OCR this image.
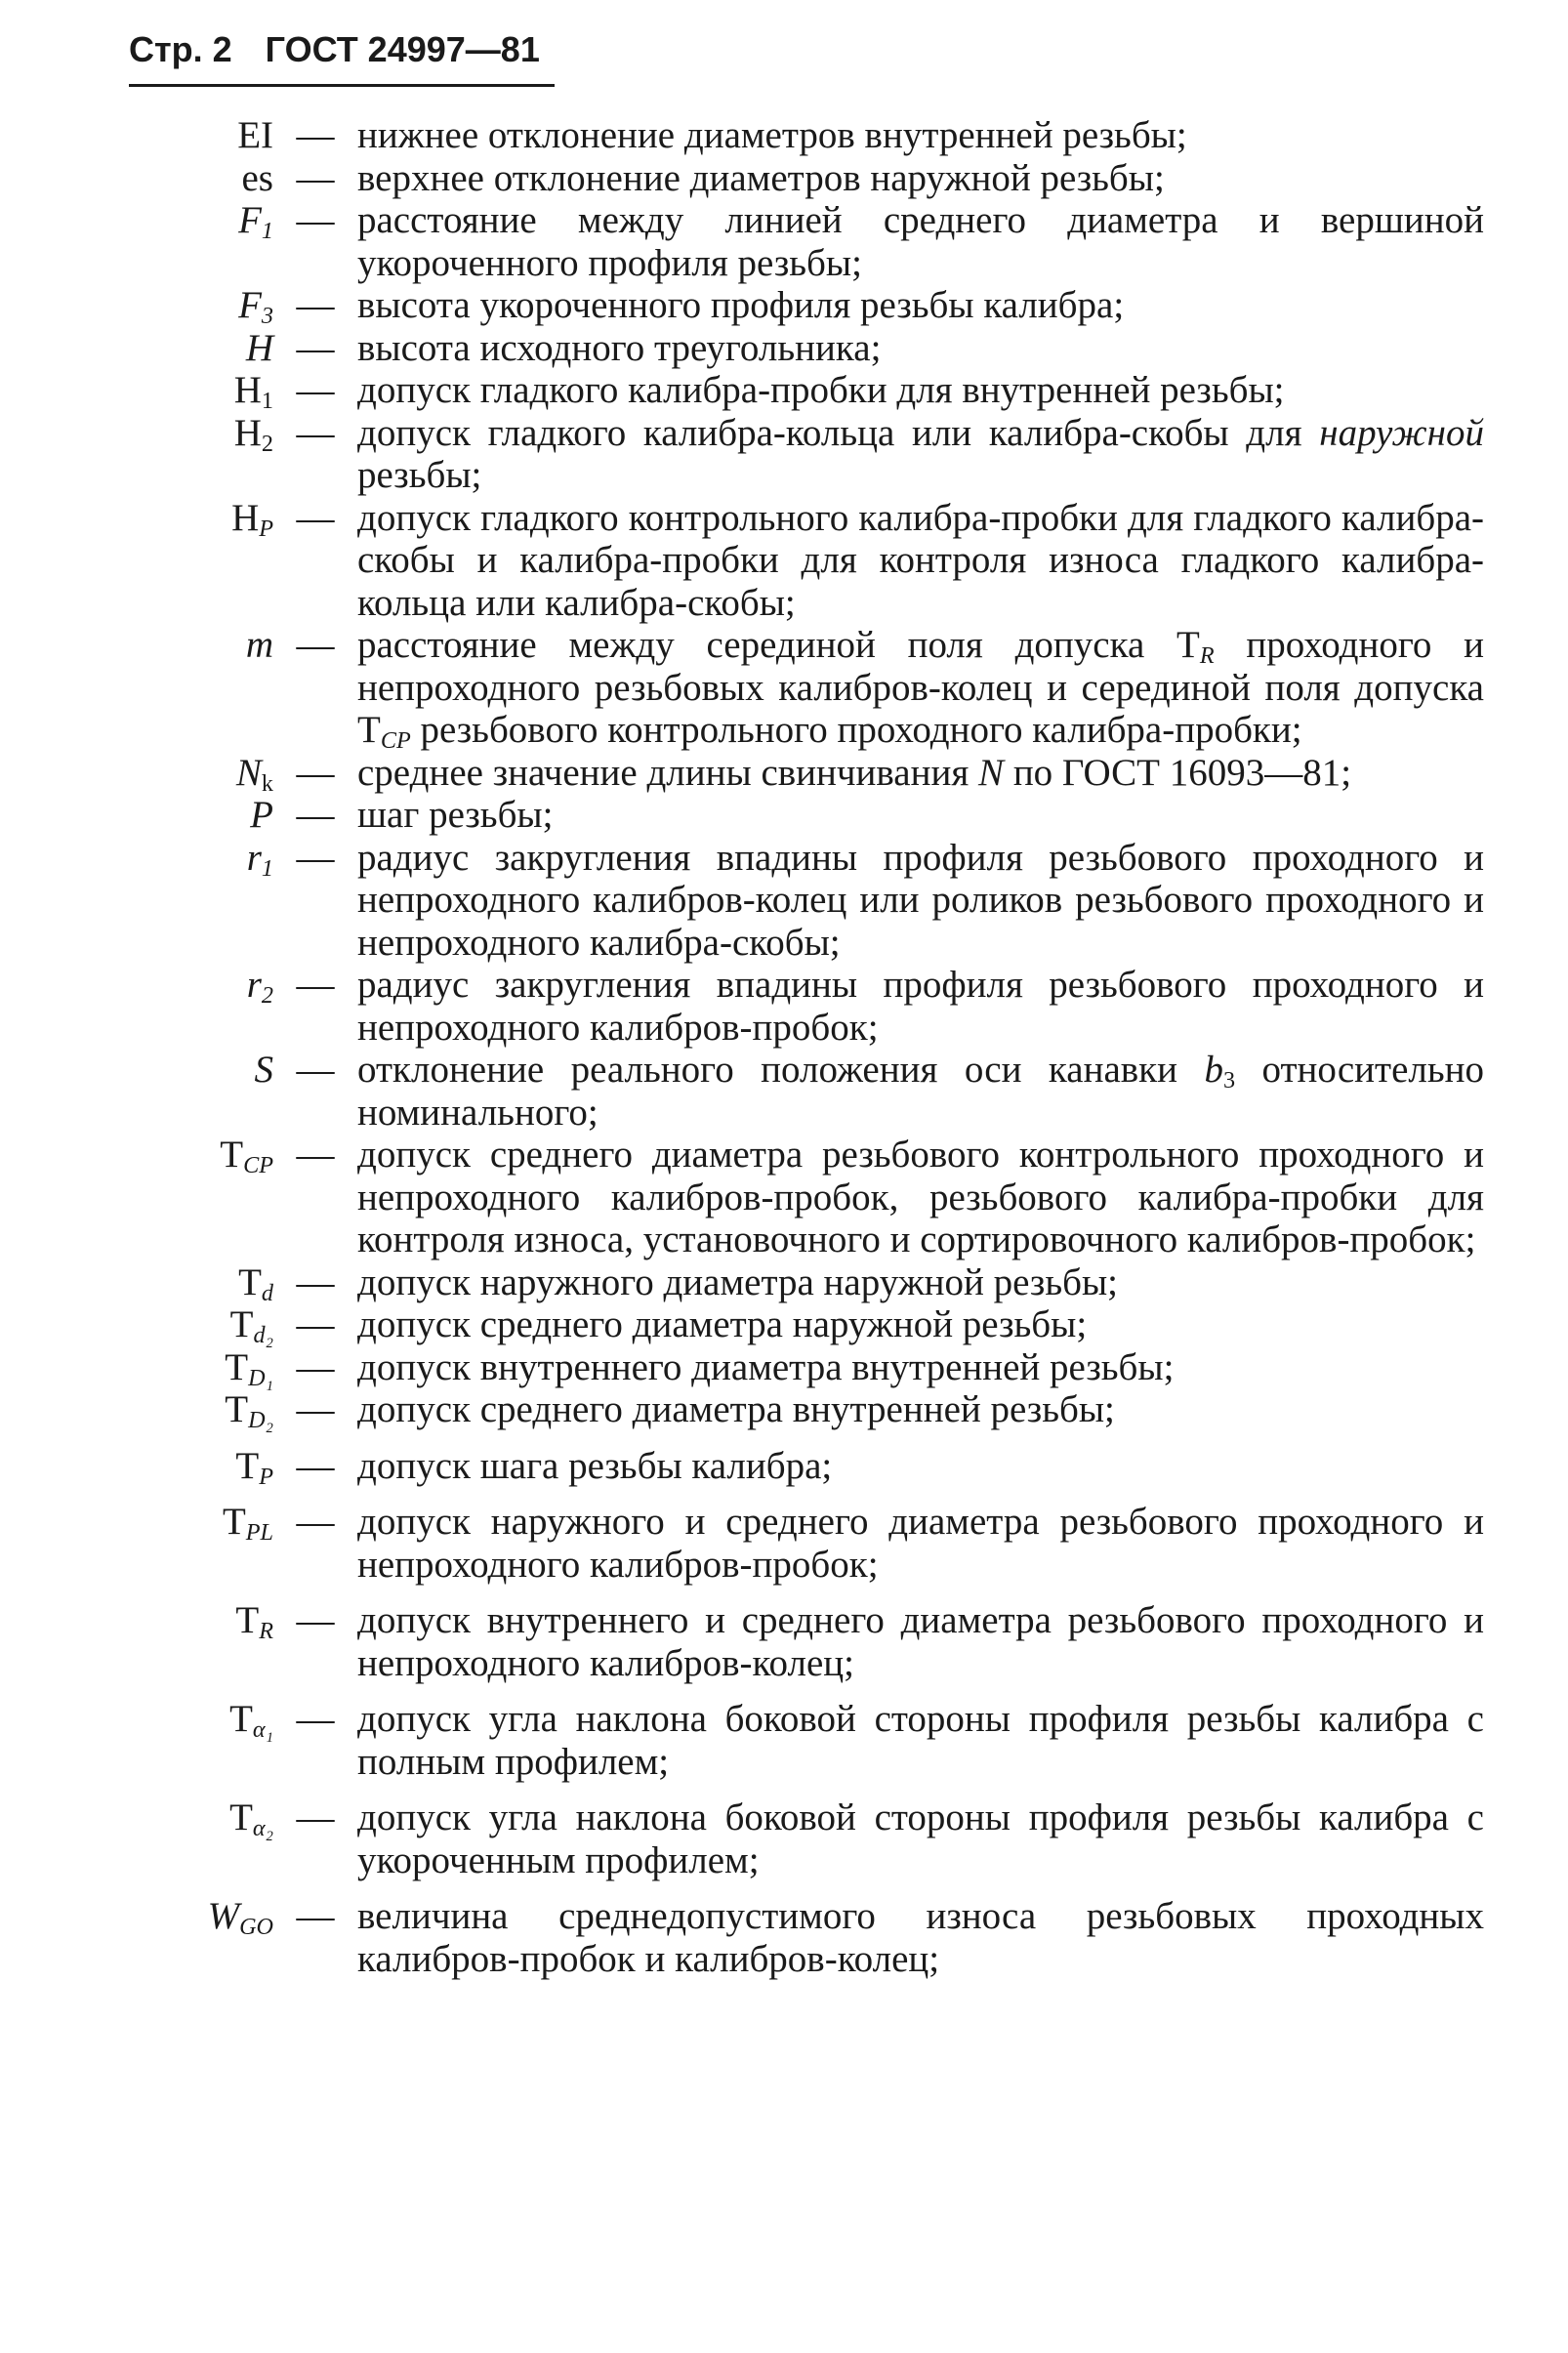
Стр. 2 ГОСТ 24997—81
EI — нижнее отклонение диаметров внутренней резьбы;
es — верхнее отклонение диаметров наружной резьбы;
$F_1$ — расстояние между линией среднего диаметра и вершиной укороченного профиля резьбы;
$F_3$ — высота укороченного профиля резьбы калибра;
H — высота исходного треугольника;
$H_1$ — допуск гладкого калибра-пробки для внутренней резьбы;
$H_2$ — допуск гладкого калибра-кольца или калибра-скобы для наружной резьбы;
$H_P$ — допуск гладкого контрольного калибра-пробки для гладкого калибра-скобы и калибра-пробки для контроля износа гладкого калибра-кольца или калибра-скобы;
m — расстояние между серединой поля допуска $T_R$ проходного и непроходного резьбовых калибров-колец и серединой поля допуска $T_{CP}$ резьбового контрольного проходного калибра-пробки;
$N_k$ — среднее значение длины свинчивания N по ГОСТ 16093—81;
P — шаг резьбы;
$r_1$ — радиус закругления впадины профиля резьбового проходного и непроходного калибров-колец или роликов резьбового проходного и непроходного калибра-скобы;
$r_2$ — радиус закругления впадины профиля резьбового проходного и непроходного калибров-пробок;
S — отклонение реального положения оси канавки $b_3$ относительно номинального;
$T_{CP}$ — допуск среднего диаметра резьбового контрольного проходного и непроходного калибров-пробок, резьбового калибра-пробки для контроля износа, установочного и сортировочного калибров-пробок;
$T_d$ — допуск наружного диаметра наружной резьбы;
$T_{d_2}$ — допуск среднего диаметра наружной резьбы;
$T_{D_1}$ — допуск внутреннего диаметра внутренней резьбы;
$T_{D_2}$ — допуск среднего диаметра внутренней резьбы;
$T_P$ — допуск шага резьбы калибра;
$T_{PL}$ — допуск наружного и среднего диаметра резьбового проходного и непроходного калибров-пробок;
$T_R$ — допуск внутреннего и среднего диаметра резьбового проходного и непроходного калибров-колец;
$T_{\alpha_1}$ — допуск угла наклона боковой стороны профиля резьбы калибра с полным профилем;
$T_{\alpha_2}$ — допуск угла наклона боковой стороны профиля резьбы калибра с укороченным профилем;
$W_{GO}$ — величина среднедопустимого износа резьбовых проходных калибров-пробок и калибров-колец;
